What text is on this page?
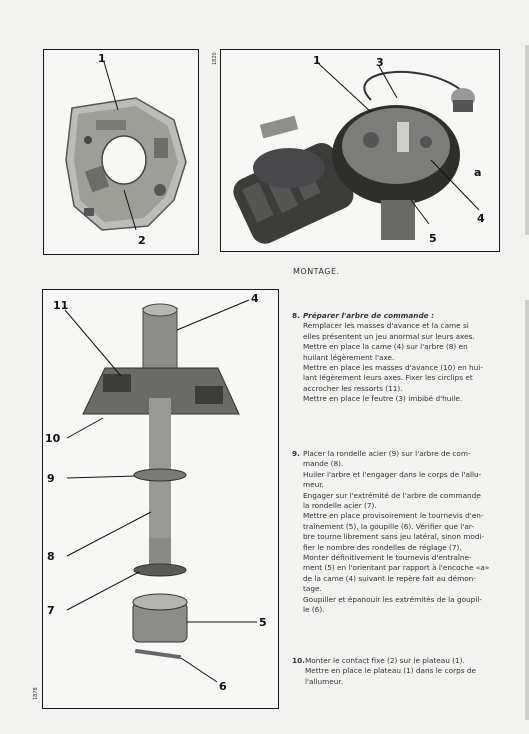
1
2
1820	1	3
a
4
5
11
4
10
9
8
7
5
6
1878
MONTAGE.
8. Préparer l'arbre de commande :
Remplacer les masses d'avance et la came si
elles présentent un jeu anormal sur leurs axes.
Mettre en place la came (4) sur l'arbre (8) en
huilant légèrement l'axe.
Mettre en place les masses d'avance (10) en hui-
lant légèrement leurs axes. Fixer les circlips et
accrocher les ressorts (11).
Mettre en place le feutre (3) imbibé d'huile.
9. Placer la rondelle acier (9) sur l'arbre de com-
mande (8).
Huiler l'arbre et l'engager dans le corps de l'allu-
meur.
Engager sur l'extrémité de l'arbre de commande
la rondelle acier (7).
Mettre en place provisoirement le tournevis d'en-
traînement (5), la goupille (6). Vérifier que l'ar-
bre tourne librement sans jeu latéral, sinon modi-
fier le nombre des rondelles de réglage (7).
Monter définitivement le tournevis d'entraîne-
ment (5) en l'orientant par rapport à l'encoche «a»
de la came (4) suivant le repère fait au démon-
tage.
Goupiller et épanouir les extrémités de la goupil-
le (6).
10. Monter le contact fixe (2) sur le plateau (1).
Mettre en place le plateau (1) dans le corps de
l'allumeur.
